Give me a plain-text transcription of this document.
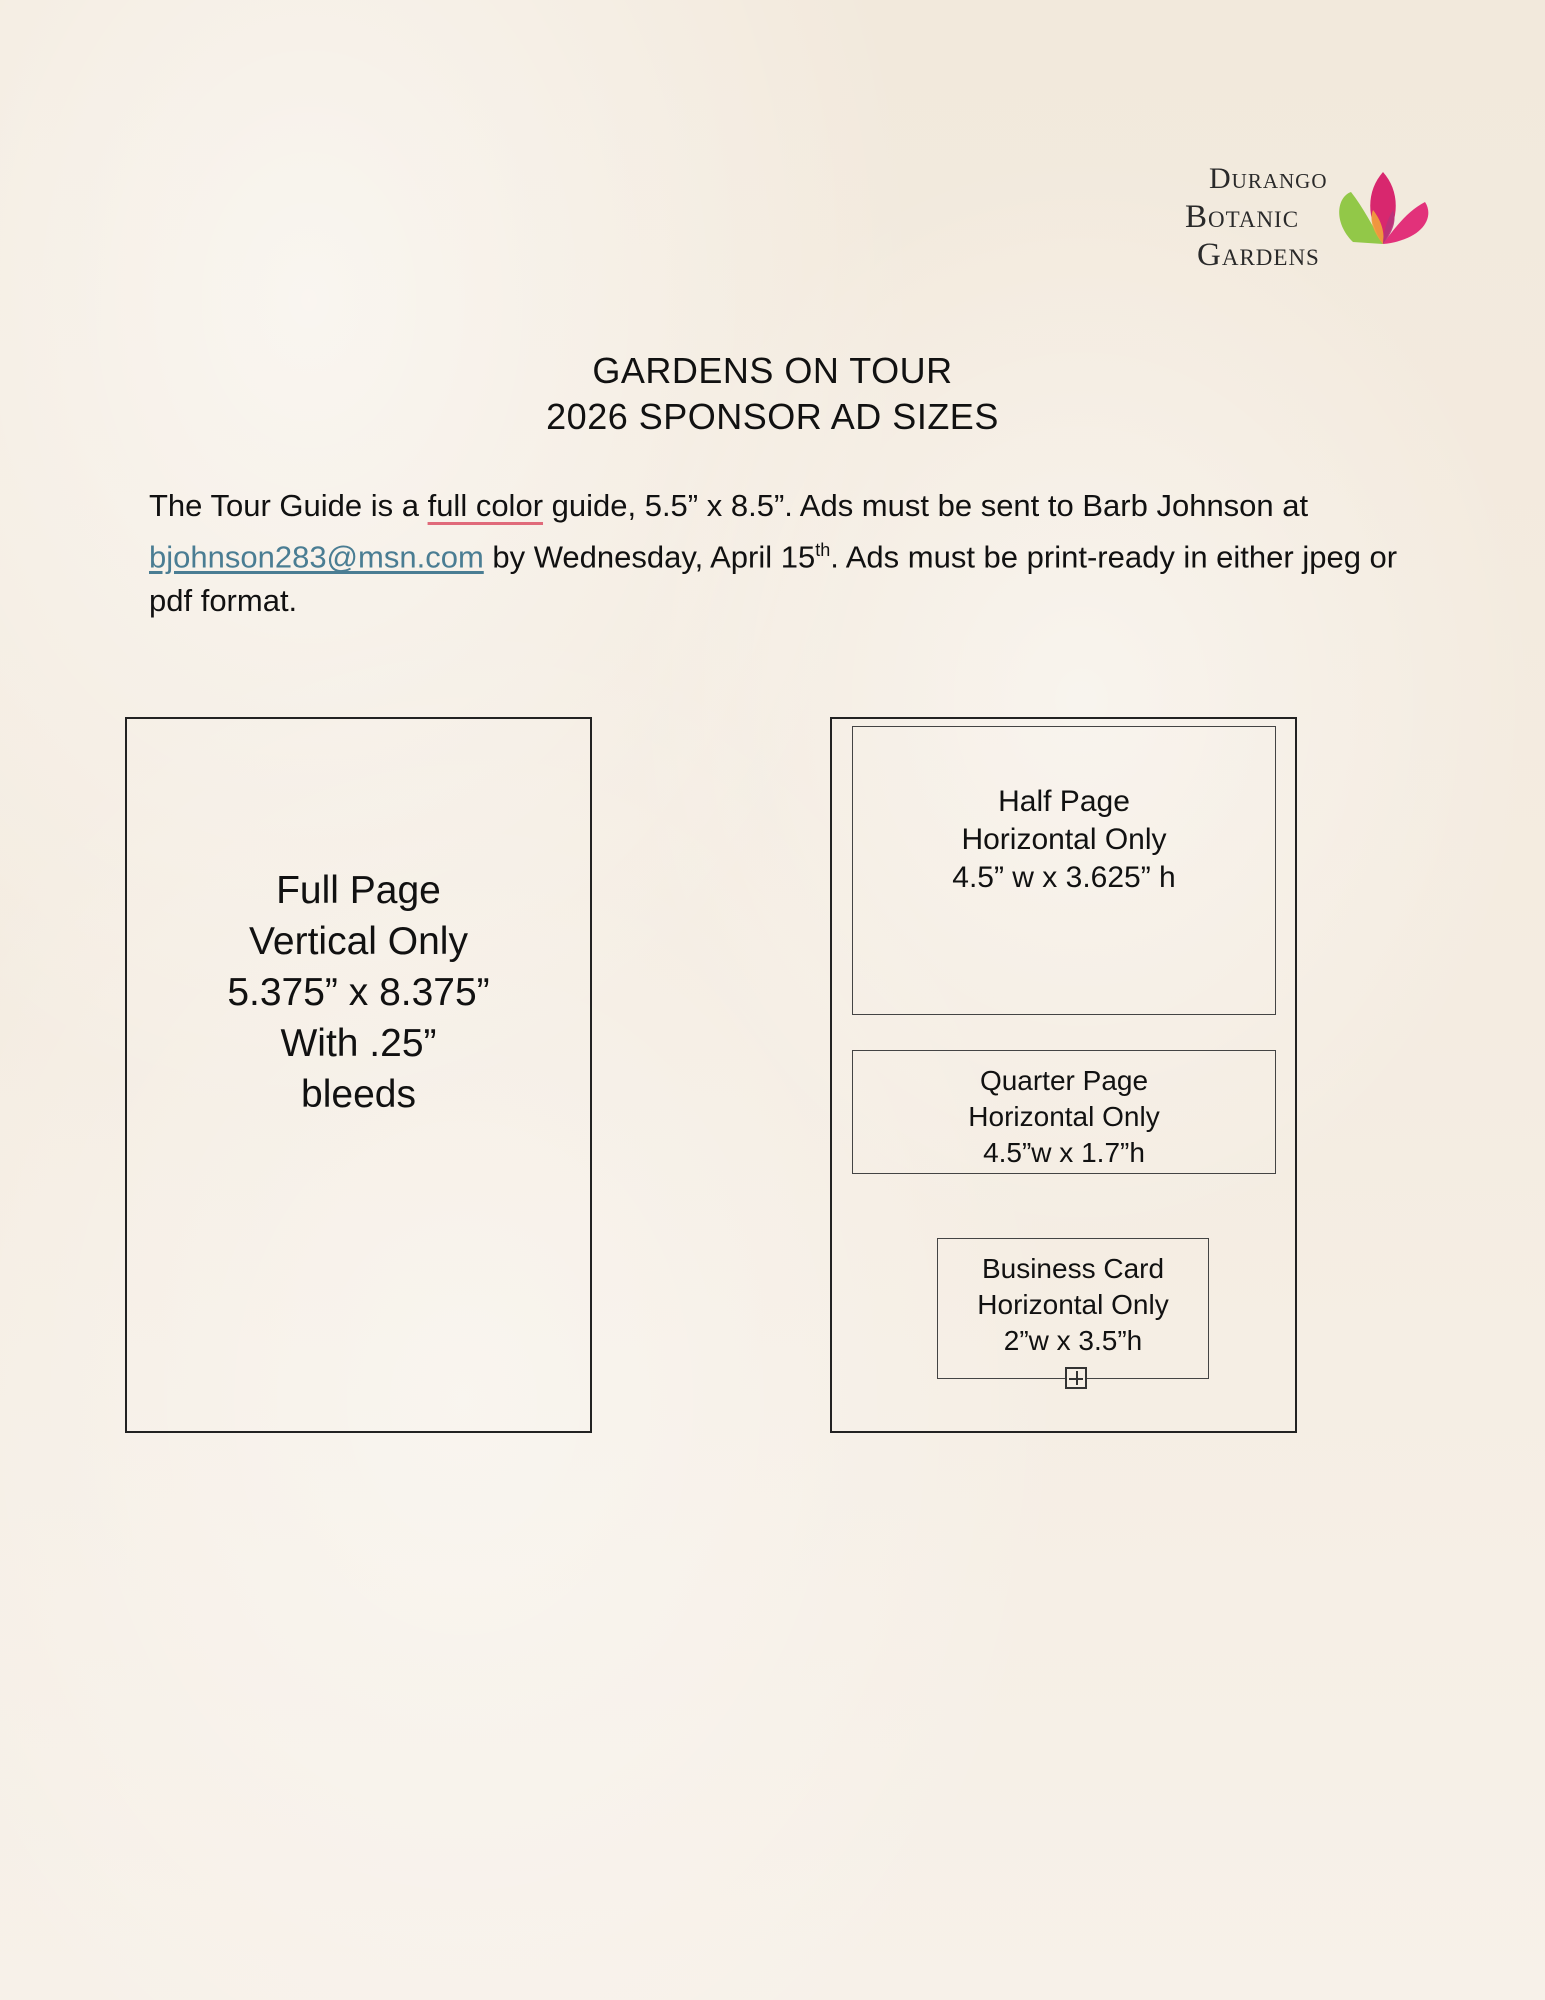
Durango
Botanic
Gardens
GARDENS ON TOUR
2026 SPONSOR AD SIZES
The Tour Guide is a full color guide, 5.5” x 8.5”. Ads must be sent to Barb Johnson at bjohnson283@msn.com by Wednesday, April 15th. Ads must be print-ready in either jpeg or pdf format.
Full Page
Vertical Only
5.375” x 8.375”
With .25”
bleeds
Half Page
Horizontal Only
4.5” w x 3.625” h
Quarter Page
Horizontal Only
4.5”w x 1.7”h
Business Card
Horizontal Only
2”w x 3.5”h
